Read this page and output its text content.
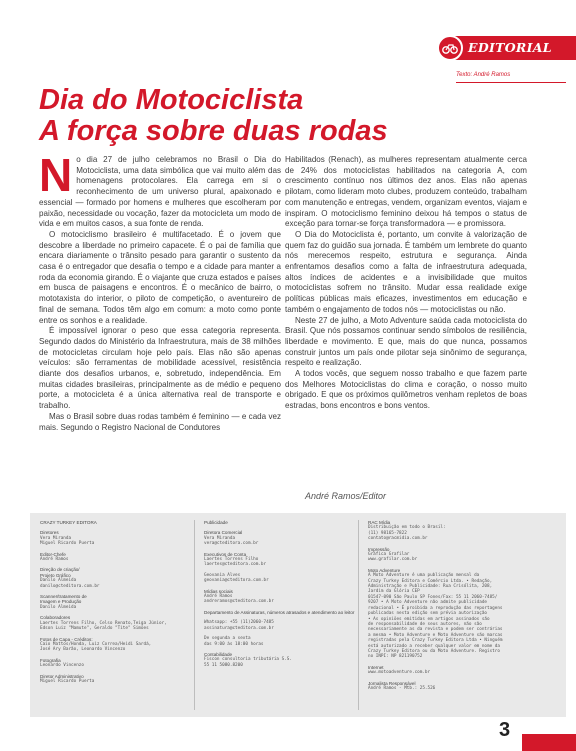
EDITORIAL
Texto: André Ramos
Dia do Motociclista
A força sobre duas rodas

No dia 27 de julho celebramos no Brasil o Dia do Motociclista, uma data simbólica que vai muito além das homenagens protocolares. Ela carrega em si o reconhecimento de um universo plural, apaixonado e essencial — formado por homens e mulheres que escolheram por paixão, necessidade ou vocação, fazer da motocicleta um modo de vida e em muitos casos, a sua fonte de renda.

O motociclismo brasileiro é multifacetado. É o jovem que descobre a liberdade no primeiro capacete. É o pai de família que encara diariamente o trânsito pesado para garantir o sustento da casa é o entregador que desafia o tempo e a cidade para manter a roda da economia girando. É o viajante que cruza estados e países em busca de paisagens e encontros. É o mecânico de bairro, o mototaxista do interior, o piloto de competição, o aventureiro de final de semana. Todos têm algo em comum: a moto como ponte entre os sonhos e a realidade.

É impossível ignorar o peso que essa categoria representa. Segundo dados do Ministério da Infraestrutura, mais de 38 milhões de motocicletas circulam hoje pelo país. Elas não são apenas veículos: são ferramentas de mobilidade acessível, resistência diante dos desafios urbanos, e, sobretudo, independência. Em muitas cidades brasileiras, principalmente as de médio e pequeno porte, a motocicleta é a única alternativa real de transporte e trabalho.

Mas o Brasil sobre duas rodas também é feminino — e cada vez mais. Segundo o Registro Nacional de Condutores

Habilitados (Renach), as mulheres representam atualmente cerca de 24% dos motociclistas habilitados na categoria A, com crescimento contínuo nos últimos dez anos. Elas não apenas pilotam, como lideram moto clubes, produzem conteúdo, trabalham com manutenção e entregas, vendem, organizam eventos, viajam e inspiram. O motociclismo feminino deixou há tempos o status de exceção para tornar-se força transformadora — e promissora.

O Dia do Motociclista é, portanto, um convite à valorização de quem faz do guidão sua jornada. É também um lembrete do quanto nós merecemos respeito, estrutura e segurança. Ainda enfrentamos desafios como a falta de infraestrutura adequada, altos índices de acidentes e a invisibilidade que muitos motociclistas sofrem no trânsito. Mudar essa realidade exige políticas públicas mais eficazes, investimentos em educação e também o engajamento de todos nós — motociclistas ou não.

Neste 27 de julho, a Moto Adventure saúda cada motociclista do Brasil. Que nós possamos continuar sendo símbolos de resiliência, liberdade e movimento. E que, mais do que nunca, possamos construir juntos um país onde pilotar seja sinônimo de segurança, respeito e realização.

A todos vocês, que seguem nosso trabalho e que fazem parte dos Melhores Motociclistas do clima e coração, o nosso muito obrigado. E que os próximos quilômetros venham repletos de boas estradas, bons encontros e bons ventos.

André Ramos/Editor
CRAZY TURKEY EDITORA
Diretores
Vera Miranda
Miguel Ricardo Puerta
Editor-Chefe
André Ramos
Direção de criação/
Projeto Gráfico
Danilo Almeida
danilo@ctedito​ra.com.br
Scanner/tratamento de
Imagem e Produção
Danilo Almeida
Colaboradores
Laertes Torrens Filho, Celso Renato,Teiga Júnior,
Edson Luiz "Mamute", Geraldo "Tite" Simões
Fotos de Capa - Créditos:
Caio Mattos/Honda, Luiz Correa/Heidi Sardá,
José Ary Barão, Leonardo Vincenzo
Fotografia
Leonardo Vincenzo
Diretor Administrativo
Miguel Ricardo Puerta
Publicidade
Diretora Comercial
Vera Miranda
vera@ctedito​ra.com.br
Executivos de Conta
Laertes Torrens Filho
laertes@ctedito​ra.com.br
Geovania Alves
geovania@ctedito​ra.com.br
Mídias sociais
André Ramos
andreramos@ctedito​ra.com.br
Departamento de Assinaturas, números atrasados e atendimento ao leitor
Whatsapp: +55 (11)2060-7485
assinatura@ctedito​ra.com.br
De segunda a sexta
das 9:00 às 18:00 horas
Contabilidade
Fiscon consultoria tributária S.S.
55 11 5080.8200
RAC Mídia
Distribuição em todo o Brasil:
(11) 98165-7822
contato@racmidia.com.br
Impressão
Gráfica Grafilar
www.grafilar.com.br
Moto Adventure
A Moto Adventure é uma publicação mensal da
Crazy Turkey Editora e Comércio Ltda. • Redação,
Administração e Publicidade: Rua Crisólita, 208,
Jardim da Glória CEP
01547-090 São Paulo SP Fones/Fax: 55 11 2060-7485/
9207 • A Moto Adventure não admite publicidade
redacional • É proibida a reprodução das reportagens
publicadas nesta edição sem prévia autorização
• As opiniões emitidas em artigos assinados são
de responsabilidade de seus autores, não são
necessariamente as da revista e podem ser contrárias
a mesma • Moto Adventure e Moto Adventure são marcas
registradas pela Crazy Turkey Editora Ltda • Ninguém
está autorizado a receber qualquer valor em nome da
Crazy Turkey Editora ou da Moto Adventure. Registro
no INPI: NP 821190752
Internet
www.motoadventure.com.br
Jornalista Responsável
André Ramos - Mtb.: 25.526
3
